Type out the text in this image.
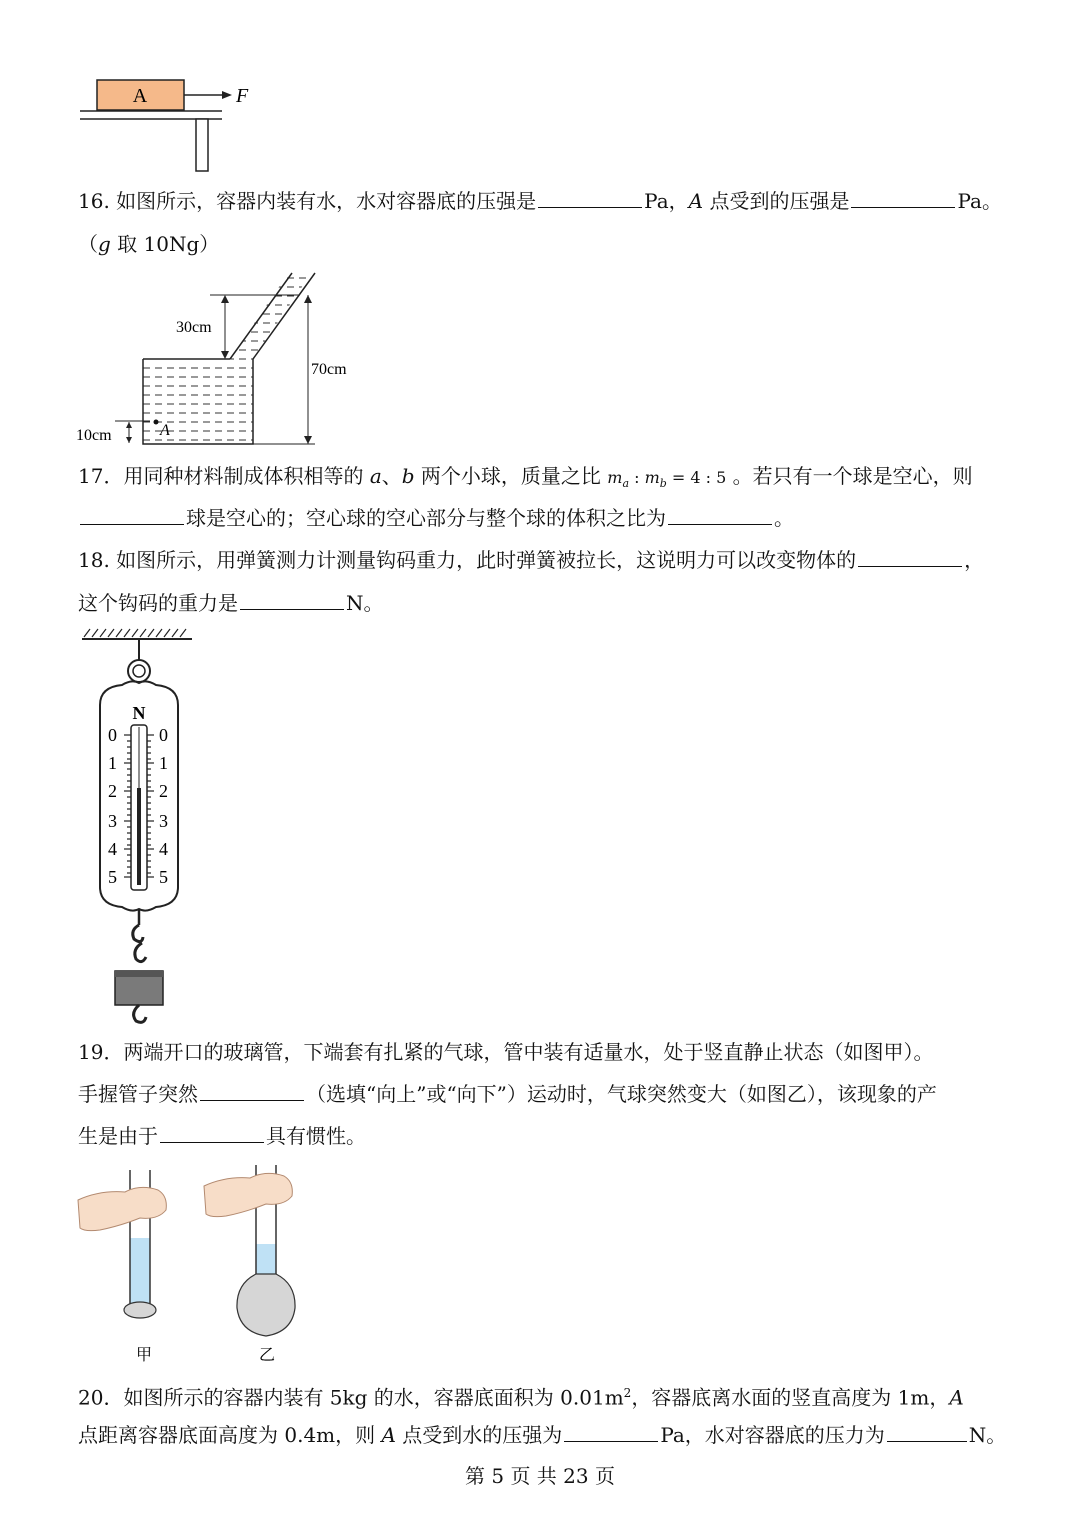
A	F
16. 如图所示，容器内装有水，水对容器底的压强是	Pa，A 点受到的压强是	Pa。
（g 取 10Ng）
30cm
70cm
10cm	A
17．用同种材料制成体积相等的 a、b 两个小球，质量之比 $m_a$ : $m_b = 4$ : 5 。若只有一个球是空心，则
球是空心的；空心球的空心部分与整个球的体积之比为	。
18. 如图所示，用弹簧测力计测量钩码重力，此时弹簧被拉长，这说明力可以改变物体的	，
这个钩码的重力是	N。
N
0
1
2
3
4
5
0
1
2
3
4
5
19．两端开口的玻璃管，下端套有扎紧的气球，管中装有适量水，处于竖直静止状态（如图甲）。
手握管子突然	（选填“向上”或“向下”）运动时，气球突然变大（如图乙），该现象的产
生是由于	具有惯性。
甲	乙
20．如图所示的容器内装有 5kg 的水，容器底面积为 $0.01m^2$，容器底离水面的竖直高度为 1m，A
点距离容器底面高度为 0.4m，则 A 点受到水的压强为	Pa，水对容器底的压力为	N。
第 5 页 共 23 页
